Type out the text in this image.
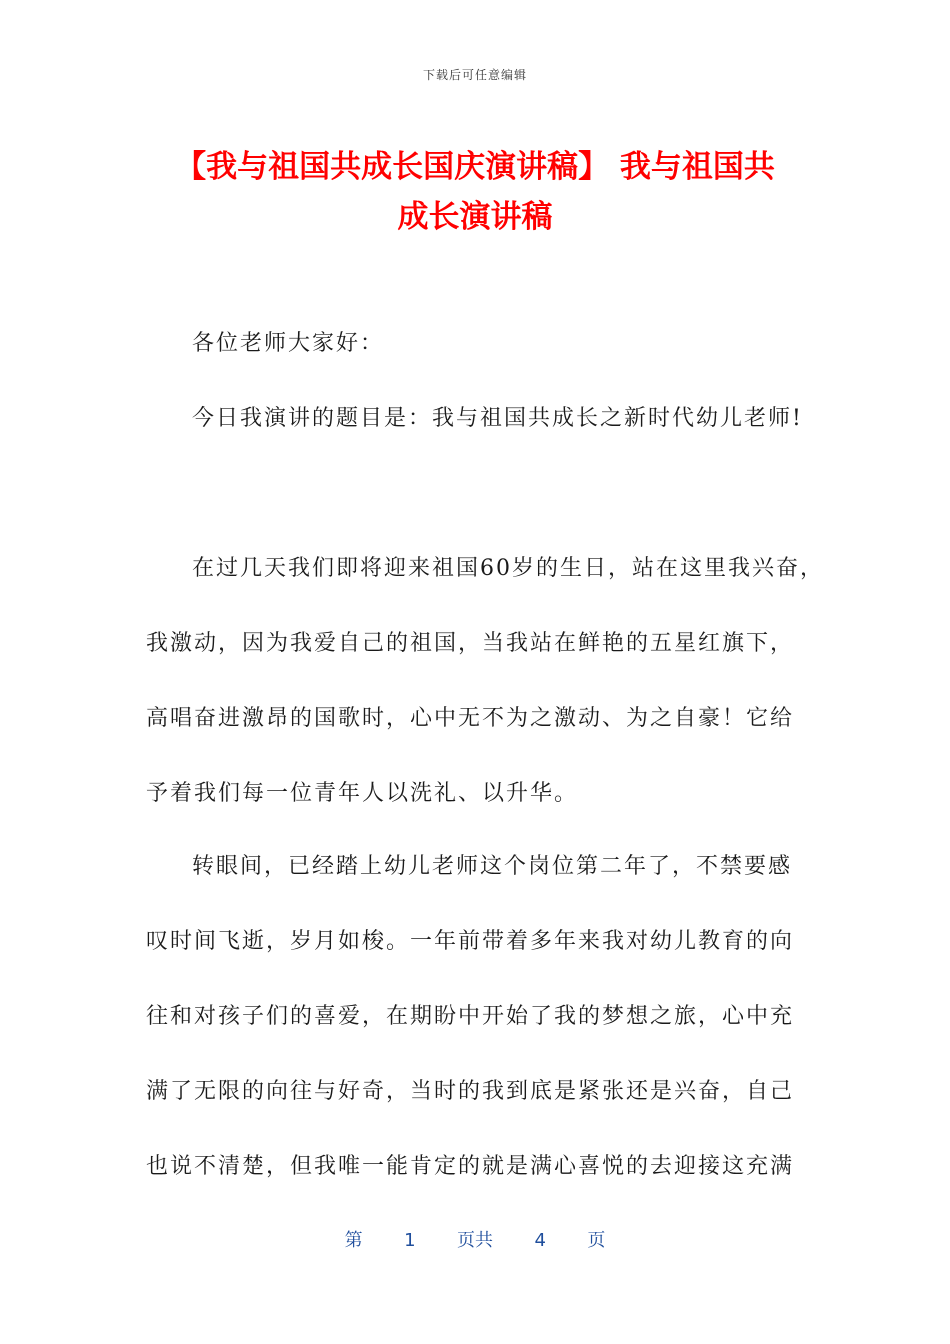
下载后可任意编辑
【我与祖国共成长国庆演讲稿】 我与祖国共
成长演讲稿

各位老师大家好：

今日我演讲的题目是：我与祖国共成长之新时代幼儿老师!

在过几天我们即将迎来祖国60岁的生日，站在这里我兴奋，

我激动，因为我爱自己的祖国，当我站在鲜艳的五星红旗下，

高唱奋进激昂的国歌时，心中无不为之激动、为之自豪！它给

予着我们每一位青年人以洗礼、以升华。

转眼间，已经踏上幼儿老师这个岗位第二年了，不禁要感

叹时间飞逝，岁月如梭。一年前带着多年来我对幼儿教育的向

往和对孩子们的喜爱，在期盼中开始了我的梦想之旅，心中充

满了无限的向往与好奇，当时的我到底是紧张还是兴奋，自己

也说不清楚，但我唯一能肯定的就是满心喜悦的去迎接这充满

第 1 页共 4 页
